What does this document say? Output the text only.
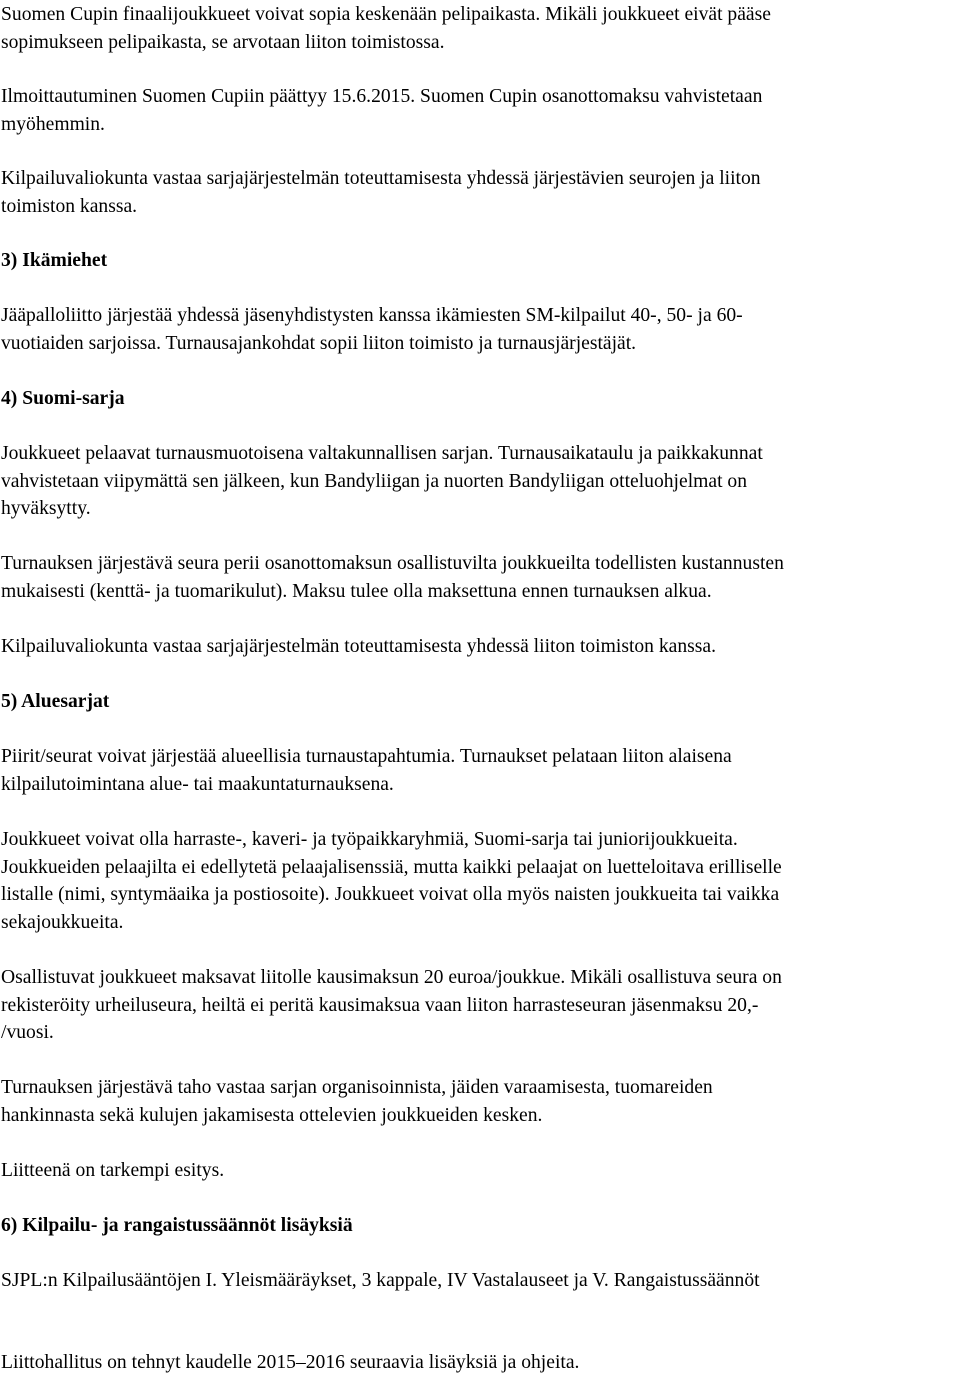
Suomen Cupin finaalijoukkueet voivat sopia keskenään pelipaikasta. Mikäli joukkueet eivät pääse
sopimukseen pelipaikasta, se arvotaan liiton toimistossa.

Ilmoittautuminen Suomen Cupiin päättyy 15.6.2015. Suomen Cupin osanottomaksu vahvistetaan
myöhemmin.

Kilpailuvaliokunta vastaa sarjajärjestelmän toteuttamisesta yhdessä järjestävien seurojen ja liiton
toimiston kanssa.

3) Ikämiehet

Jääpalloliitto järjestää yhdessä jäsenyhdistysten kanssa ikämiesten SM-kilpailut 40-, 50- ja 60-
vuotiaiden sarjoissa. Turnausajankohdat sopii liiton toimisto ja turnausjärjestäjät.

4) Suomi-sarja

Joukkueet pelaavat turnausmuotoisena valtakunnallisen sarjan. Turnausaikataulu ja paikkakunnat
vahvistetaan viipymättä sen jälkeen, kun Bandyliigan ja nuorten Bandyliigan otteluohjelmat on
hyväksytty.

Turnauksen järjestävä seura perii osanottomaksun osallistuvilta joukkueilta todellisten kustannusten
mukaisesti (kenttä- ja tuomarikulut). Maksu tulee olla maksettuna ennen turnauksen alkua.

Kilpailuvaliokunta vastaa sarjajärjestelmän toteuttamisesta yhdessä liiton toimiston kanssa.

5) Aluesarjat

Piirit/seurat voivat järjestää alueellisia turnaustapahtumia. Turnaukset pelataan liiton alaisena
kilpailutoimintana alue- tai maakuntaturnauksena.

Joukkueet voivat olla harraste-, kaveri- ja työpaikkaryhmiä, Suomi-sarja tai juniorijoukkueita.
Joukkueiden pelaajilta ei edellytetä pelaajalisenssiä, mutta kaikki pelaajat on luetteloitava erilliselle
listalle (nimi, syntymäaika ja postiosoite). Joukkueet voivat olla myös naisten joukkueita tai vaikka
sekajoukkueita.

Osallistuvat joukkueet maksavat liitolle kausimaksun 20 euroa/joukkue. Mikäli osallistuva seura on
rekisteröity urheiluseura, heiltä ei peritä kausimaksua vaan liiton harrasteseuran jäsenmaksu 20,-
/vuosi.

Turnauksen järjestävä taho vastaa sarjan organisoinnista, jäiden varaamisesta, tuomareiden
hankinnasta sekä kulujen jakamisesta ottelevien joukkueiden kesken.

Liitteenä on tarkempi esitys.

6) Kilpailu- ja rangaistussäännöt lisäyksiä

SJPL:n Kilpailusääntöjen I. Yleismääräykset, 3 kappale, IV Vastalauseet ja V. Rangaistussäännöt

Liittohallitus on tehnyt kaudelle 2015–2016 seuraavia lisäyksiä ja ohjeita.
